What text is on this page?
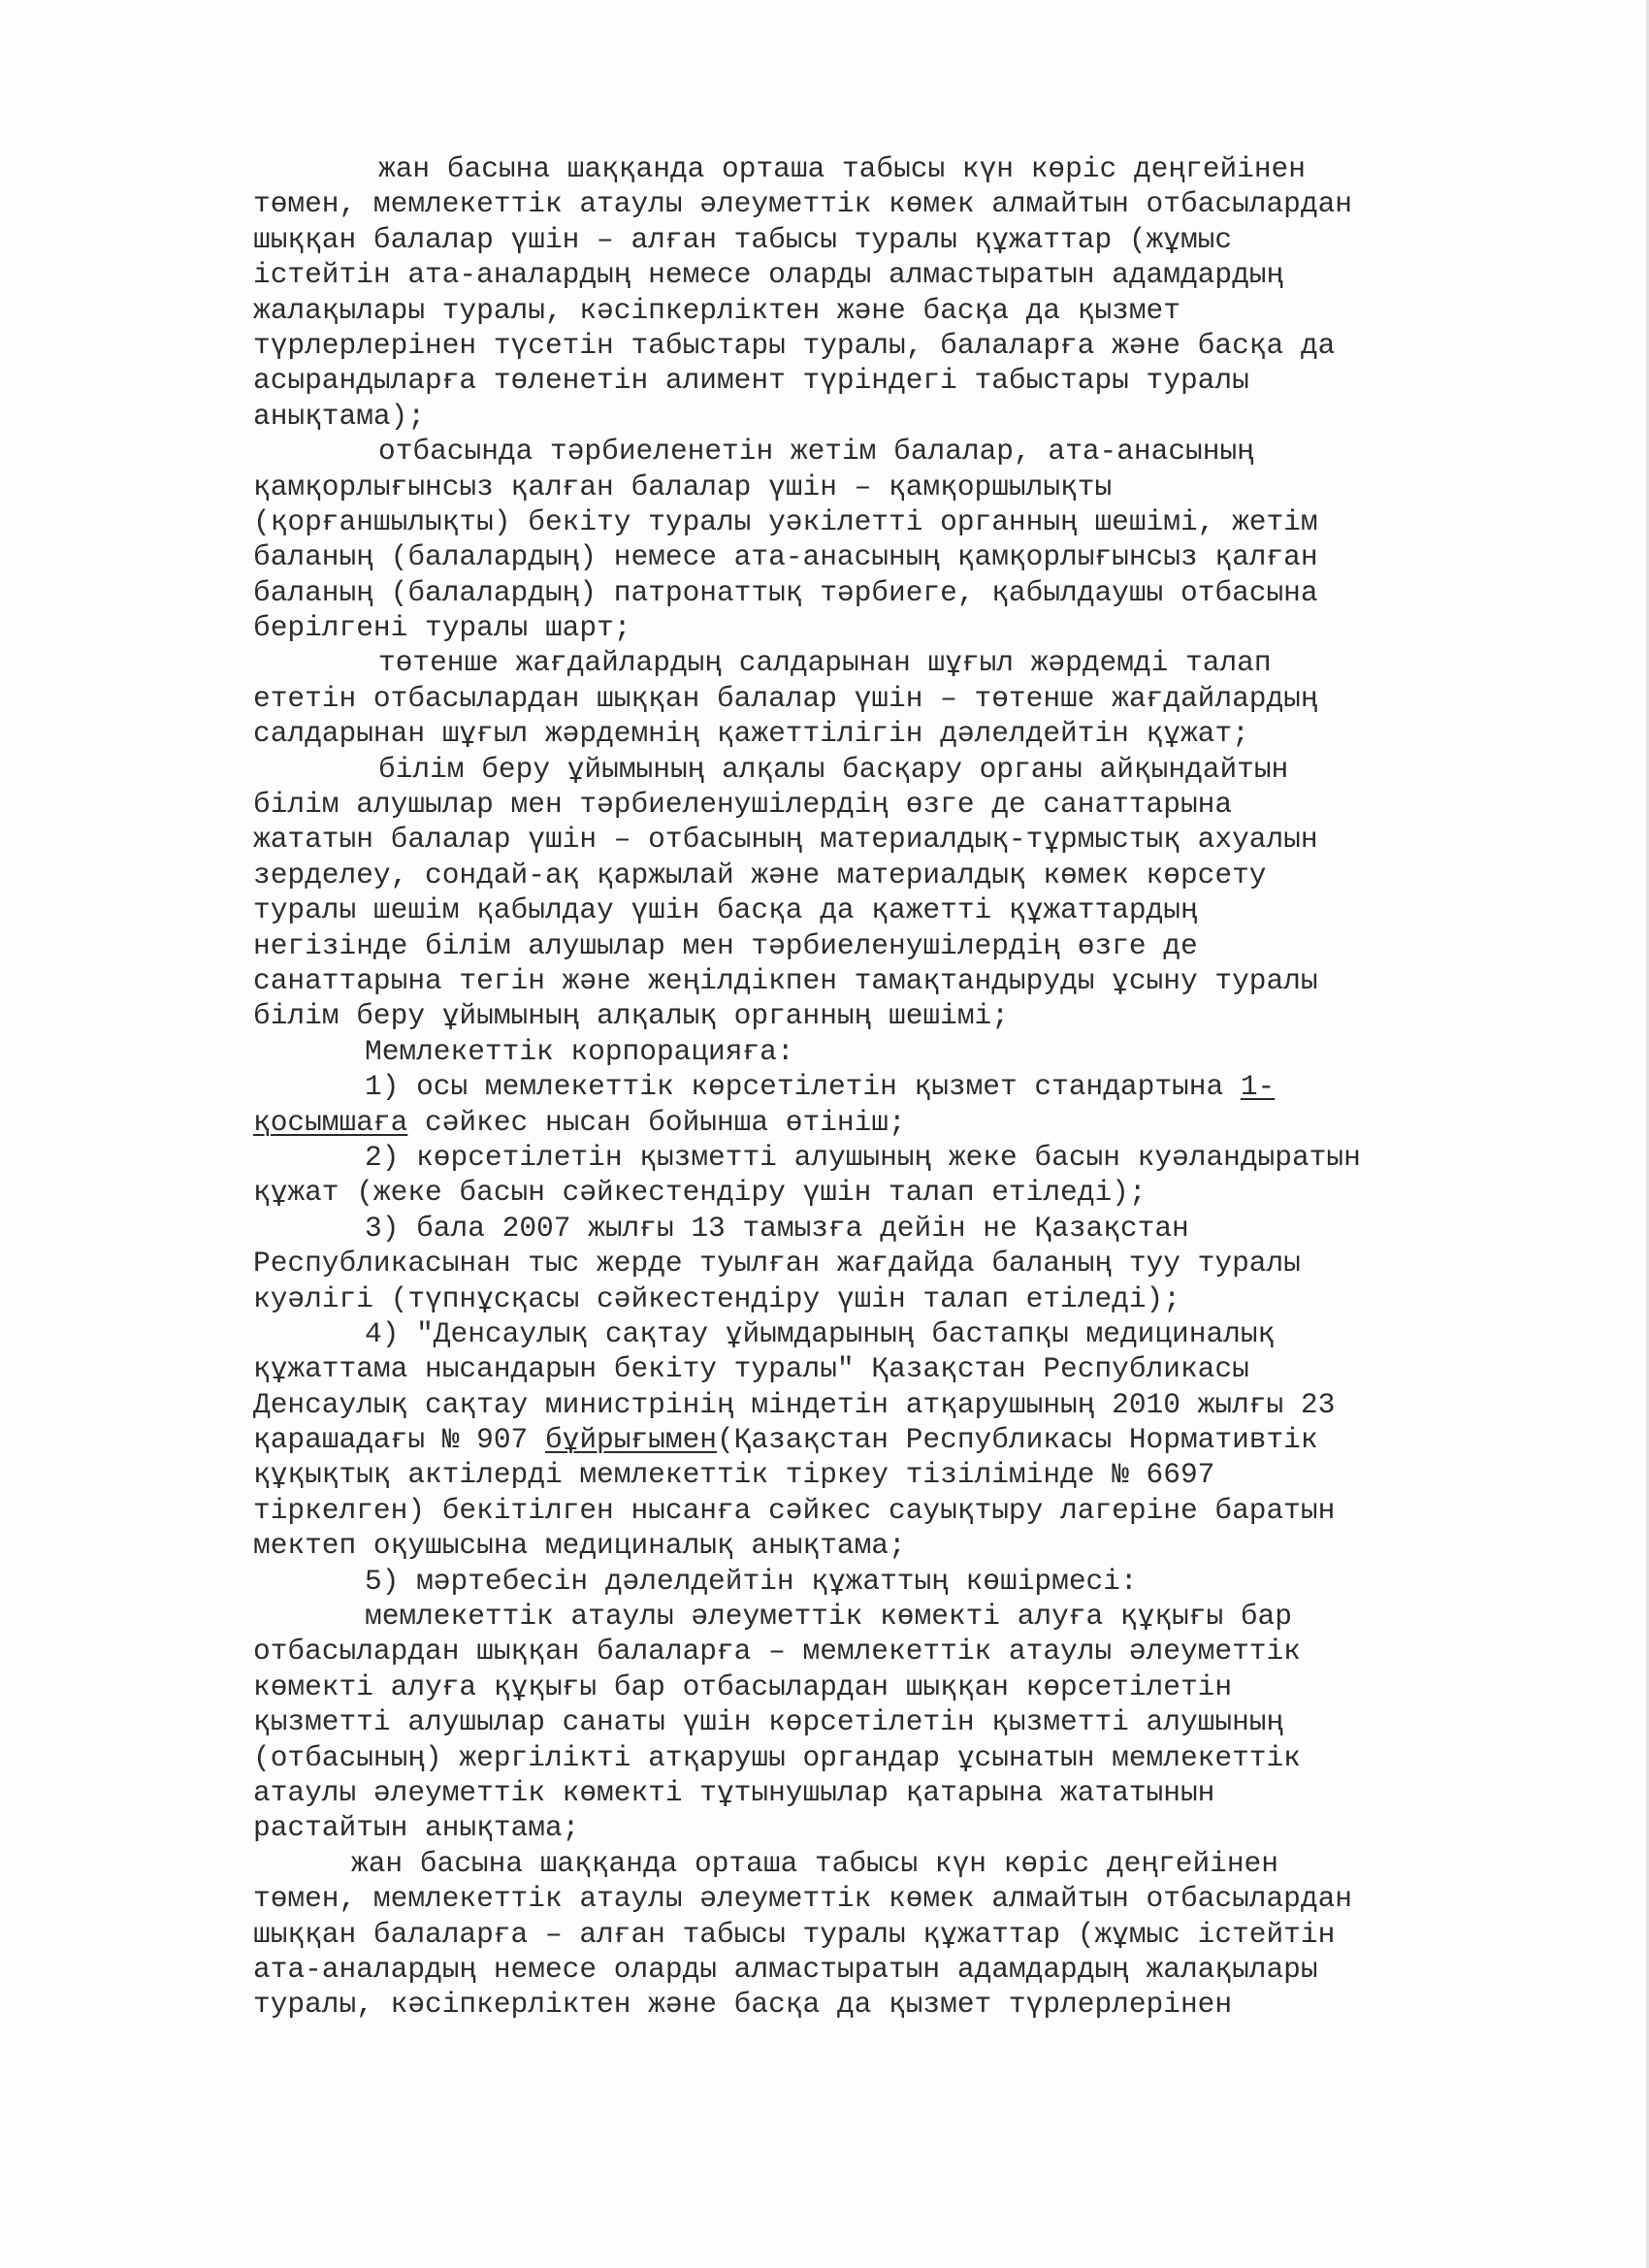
жан басына шаққанда орташа табысы күн көріс деңгейінен
төмен, мемлекеттік атаулы әлеуметтік көмек алмайтын отбасылардан
шыққан балалар үшін – алған табысы туралы құжаттар (жұмыс
істейтін ата-аналардың немесе оларды алмастыратын адамдардың
жалақылары туралы, кәсіпкерліктен және басқа да қызмет
түрлерлерінен түсетін табыстары туралы, балаларға және басқа да
асырандыларға төленетін алимент түріндегі табыстары туралы
анықтама);
отбасында тәрбиеленетін жетім балалар, ата-анасының
қамқорлығынсыз қалған балалар үшін – қамқоршылықты
(қорғаншылықты) бекіту туралы уәкілетті органның шешімі, жетім
баланың (балалардың) немесе ата-анасының қамқорлығынсыз қалған
баланың (балалардың) патронаттық тәрбиеге, қабылдаушы отбасына
берілгені туралы шарт;
төтенше жағдайлардың салдарынан шұғыл жәрдемді талап
ететін отбасылардан шыққан балалар үшін – төтенше жағдайлардың
салдарынан шұғыл жәрдемнің қажеттілігін дәлелдейтін құжат;
білім беру ұйымының алқалы басқару органы айқындайтын
білім алушылар мен тәрбиеленушілердің өзге де санаттарына
жататын балалар үшін – отбасының материалдық-тұрмыстық ахуалын
зерделеу, сондай-ақ қаржылай және материалдық көмек көрсету
туралы шешім қабылдау үшін басқа да қажетті құжаттардың
негізінде білім алушылар мен тәрбиеленушілердің өзге де
санаттарына тегін және жеңілдікпен тамақтандыруды ұсыну туралы
білім беру ұйымының алқалық органның шешімі;
Мемлекеттік корпорацияға:
1) осы мемлекеттік көрсетілетін қызмет стандартына 1-
қосымшаға сәйкес нысан бойынша өтініш;
2) көрсетілетін қызметті алушының жеке басын куәландыратын
құжат (жеке басын сәйкестендіру үшін талап етіледі);
3) бала 2007 жылғы 13 тамызға дейін не Қазақстан
Республикасынан тыс жерде туылған жағдайда баланың туу туралы
куәлігі (түпнұсқасы сәйкестендіру үшін талап етіледі);
4) "Денсаулық сақтау ұйымдарының бастапқы медициналық
құжаттама нысандарын бекіту туралы" Қазақстан Республикасы
Денсаулық сақтау министрінің міндетін атқарушының 2010 жылғы 23
қарашадағы № 907 бұйрығымен(Қазақстан Республикасы Нормативтік
құқықтық актілерді мемлекеттік тіркеу тізілімінде № 6697
тіркелген) бекітілген нысанға сәйкес сауықтыру лагеріне баратын
мектеп оқушысына медициналық анықтама;
5) мәртебесін дәлелдейтін құжаттың көшірмесі:
мемлекеттік атаулы әлеуметтік көмекті алуға құқығы бар
отбасылардан шыққан балаларға – мемлекеттік атаулы әлеуметтік
көмекті алуға құқығы бар отбасылардан шыққан көрсетілетін
қызметті алушылар санаты үшін көрсетілетін қызметті алушының
(отбасының) жергілікті атқарушы органдар ұсынатын мемлекеттік
атаулы әлеуметтік көмекті тұтынушылар қатарына жататынын
растайтын анықтама;
жан басына шаққанда орташа табысы күн көріс деңгейінен
төмен, мемлекеттік атаулы әлеуметтік көмек алмайтын отбасылардан
шыққан балаларға – алған табысы туралы құжаттар (жұмыс істейтін
ата-аналардың немесе оларды алмастыратын адамдардың жалақылары
туралы, кәсіпкерліктен және басқа да қызмет түрлерлерінен
